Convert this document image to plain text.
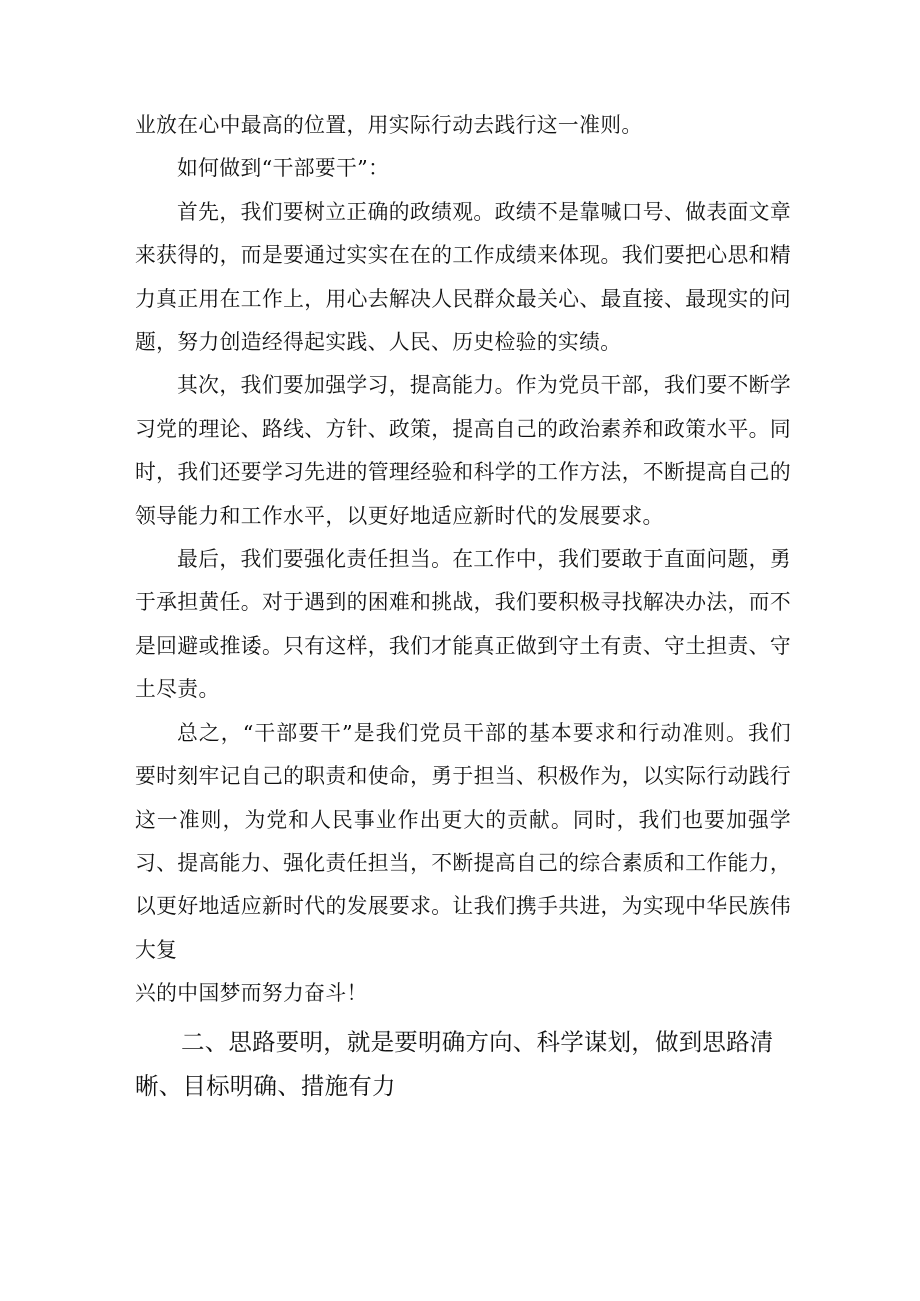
业放在心中最高的位置，用实际行动去践行这一准则。

如何做到“干部要干”：

首先，我们要树立正确的政绩观。政绩不是靠喊口号、做表面文章来获得的，而是要通过实实在在的工作成绩来体现。我们要把心思和精力真正用在工作上，用心去解决人民群众最关心、最直接、最现实的问题，努力创造经得起实践、人民、历史检验的实绩。

其次，我们要加强学习，提高能力。作为党员干部，我们要不断学习党的理论、路线、方针、政策，提高自己的政治素养和政策水平。同时，我们还要学习先进的管理经验和科学的工作方法，不断提高自己的领导能力和工作水平，以更好地适应新时代的发展要求。

最后，我们要强化责任担当。在工作中，我们要敢于直面问题，勇于承担黄任。对于遇到的困难和挑战，我们要积极寻找解决办法，而不是回避或推诿。只有这样，我们才能真正做到守土有责、守土担责、守土尽责。

总之，“干部要干”是我们党员干部的基本要求和行动准则。我们要时刻牢记自己的职责和使命，勇于担当、积极作为，以实际行动践行这一准则，为党和人民事业作出更大的贡献。同时，我们也要加强学习、提高能力、强化责任担当，不断提高自己的综合素质和工作能力，以更好地适应新时代的发展要求。让我们携手共进，为实现中华民族伟大复
兴的中国梦而努力奋斗！

二、思路要明，就是要明确方向、科学谋划，做到思路清晰、目标明确、措施有力
